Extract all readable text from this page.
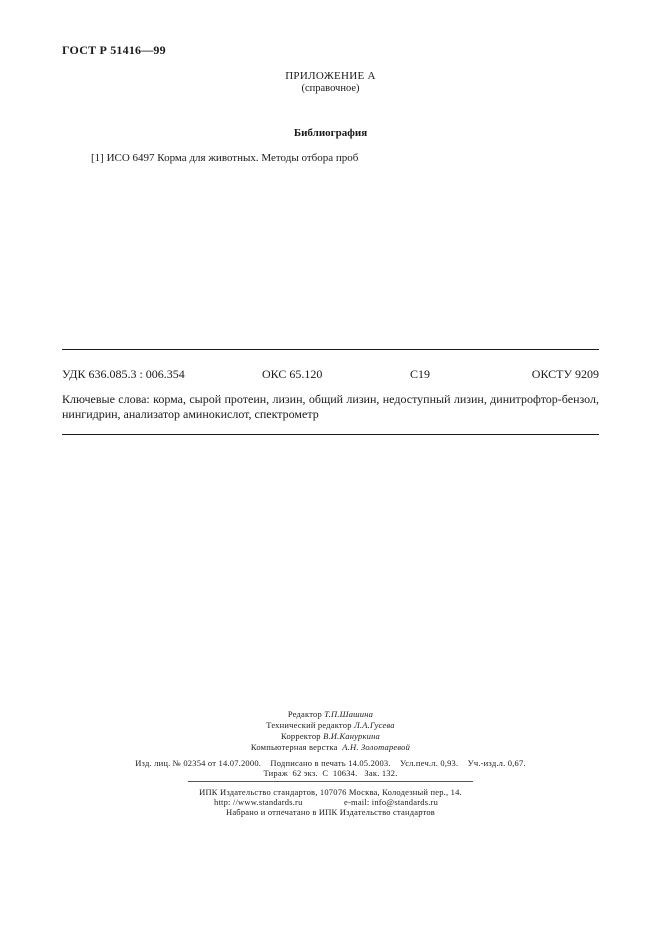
ГОСТ Р 51416—99
ПРИЛОЖЕНИЕ А
(справочное)
Библиография
[1] ИСО 6497 Корма для животных. Методы отбора проб
УДК 636.085.3 : 006.354	ОКС 65.120	С19	ОКСТУ 9209
Ключевые слова: корма, сырой протеин, лизин, общий лизин, недоступный лизин, динитрофтор-бензол, нингидрин, анализатор аминокислот, спектрометр
Редактор Т.П.Шашина
Технический редактор Л.А.Гусева
Корректор В.И.Кануркина
Компьютерная верстка А.Н. Золотаревой
Изд. лиц. № 02354 от 14.07.2000.    Подписано в печать 14.05.2003.    Усл.печ.л. 0,93.    Уч.-изд.л. 0,67.
Тираж  62 экз.  С  10634.   Зак. 132.
ИПК Издательство стандартов, 107076 Москва, Колодезный пер., 14.
http: //www.standards.ru	e-mail: info@standards.ru
Набрано и отпечатано в ИПК Издательство стандартов
